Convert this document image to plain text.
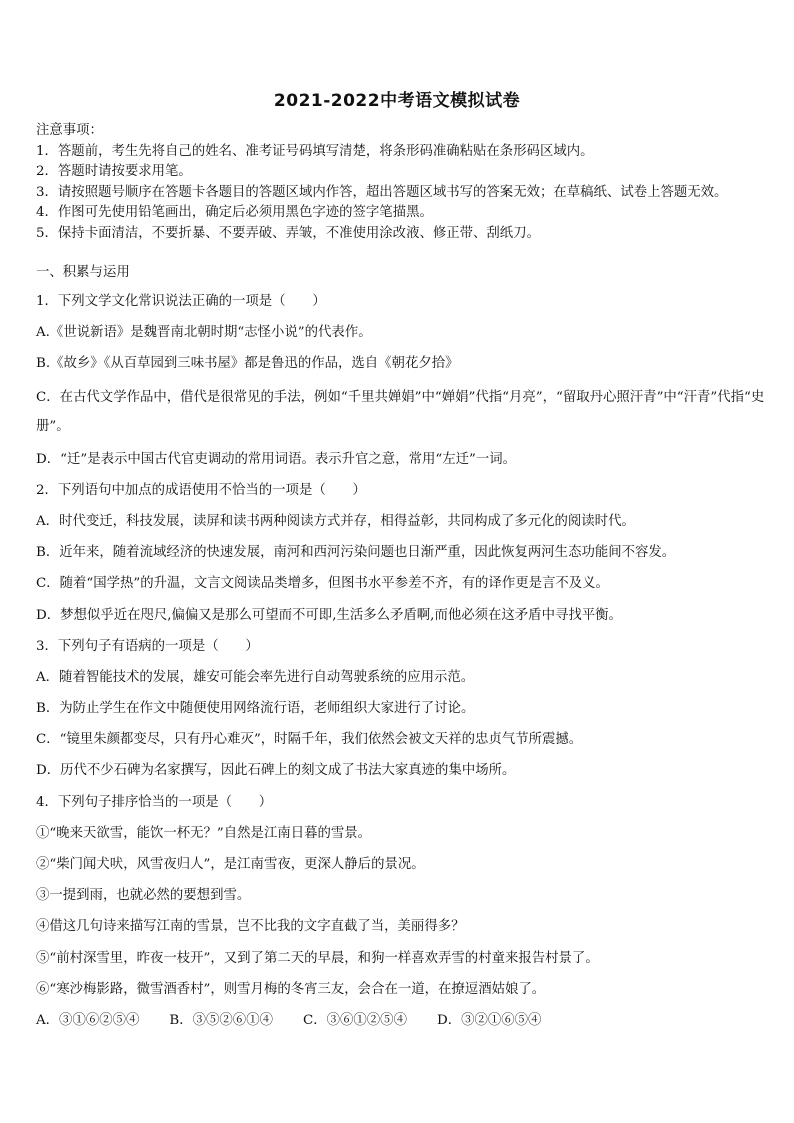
2021-2022中考语文模拟试卷
注意事项：
1．答题前，考生先将自己的姓名、准考证号码填写清楚，将条形码准确粘贴在条形码区域内。
2．答题时请按要求用笔。
3．请按照题号顺序在答题卡各题目的答题区域内作答，超出答题区域书写的答案无效；在草稿纸、试卷上答题无效。
4．作图可先使用铅笔画出，确定后必须用黑色字迹的签字笔描黑。
5．保持卡面清洁，不要折暴、不要弄破、弄皱，不准使用涂改液、修正带、刮纸刀。
一、积累与运用
1．下列文学文化常识说法正确的一项是（　　）
A.《世说新语》是魏晋南北朝时期“志怪小说”的代表作。
B.《故乡》《从百草园到三味书屋》都是鲁迅的作品，选自《朝花夕拾》
C．在古代文学作品中，借代是很常见的手法，例如“千里共婵娟”中“婵娟”代指“月亮”，“留取丹心照汗青”中“汗青”代指“史册”。
D．“迁”是表示中国古代官吏调动的常用词语。表示升官之意，常用“左迁”一词。
2．下列语句中加点的成语使用不恰当的一项是（　　）
A．时代变迁，科技发展，读屏和读书两种阅读方式并存，相得益彰，共同构成了多元化的阅读时代。
B．近年来，随着流域经济的快速发展，南河和西河污染问题也日渐严重，因此恢复两河生态功能间不容发。
C．随着“国学热”的升温，文言文阅读品类增多，但图书水平参差不齐，有的译作更是言不及义。
D．梦想似乎近在咫尺,偏偏又是那么可望而不可即,生活多么矛盾啊,而他必须在这矛盾中寻找平衡。
3．下列句子有语病的一项是（　　）
A．随着智能技术的发展，雄安可能会率先进行自动驾驶系统的应用示范。
B．为防止学生在作文中随便使用网络流行语，老师组织大家进行了讨论。
C．“镜里朱颜都变尽，只有丹心难灭”，时隔千年，我们依然会被文天祥的忠贞气节所震撼。
D．历代不少石碑为名家撰写，因此石碑上的刻文成了书法大家真迹的集中场所。
4．下列句子排序恰当的一项是（　　）
①“晚来天欲雪，能饮一杯无？”自然是江南日暮的雪景。
②“柴门闻犬吠，风雪夜归人”，是江南雪夜，更深人静后的景况。
③一提到雨，也就必然的要想到雪。
④借这几句诗来描写江南的雪景，岂不比我的文字直截了当，美丽得多？
⑤“前村深雪里，昨夜一枝开”，又到了第二天的早晨，和狗一样喜欢弄雪的村童来报告村景了。
⑥“寒沙梅影路，微雪酒香村”，则雪月梅的冬宵三友，会合在一道，在撩逗酒姑娘了。
A．③①⑥②⑤④ B．③⑤②⑥①④ C．③⑥①②⑤④ D．③②①⑥⑤④
